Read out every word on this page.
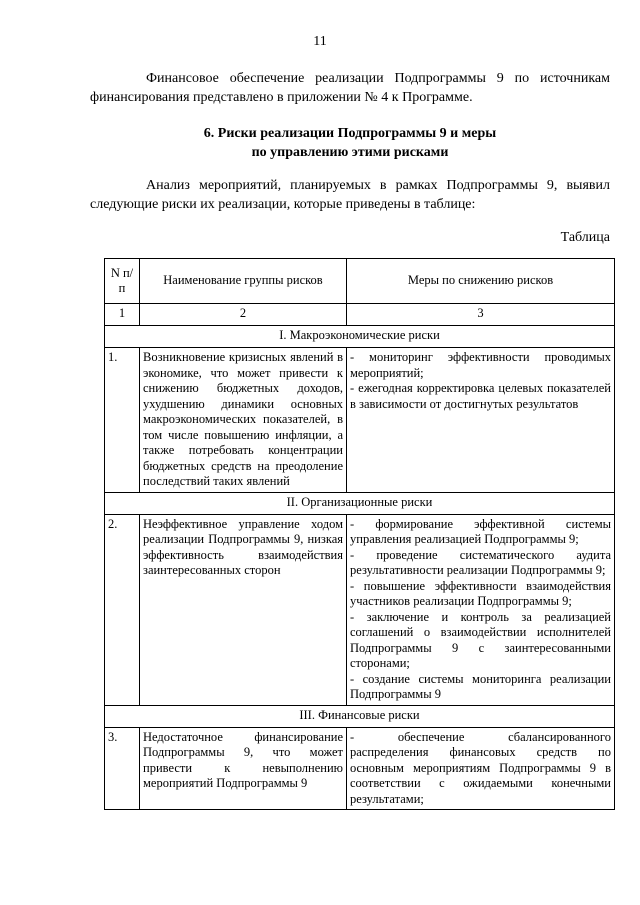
11
Финансовое обеспечение реализации Подпрограммы 9 по источникам финансирования представлено в приложении № 4 к Программе.
6. Риски реализации Подпрограммы 9 и меры
по управлению этими рисками
Анализ мероприятий, планируемых в рамках Подпрограммы 9, выявил следующие риски их реализации, которые приведены в таблице:
Таблица
N п/п	Наименование группы рисков	Меры по снижению рисков
1	2	3
I. Макроэкономические риски		
1.	Возникновение кризисных явлений в экономике, что может привести к снижению бюджетных доходов, ухудшению динамики основных макроэкономических показателей, в том числе повышению инфляции, а также потребовать концентрации бюджетных средств на преодоление последствий таких явлений	- мониторинг эффективности проводимых мероприятий;
- ежегодная корректировка целевых показателей в зависимости от достигнутых результатов

II. Организационные риски		
2.	Неэффективное управление ходом реализации Подпрограммы 9, низкая эффективность взаимодействия заинтересованных сторон	- формирование эффективной системы управления реализацией Подпрограммы 9;
- проведение систематического аудита результативности реализации Подпрограммы 9;
- повышение эффективности взаимодействия участников реализации Подпрограммы 9;
- заключение и контроль за реализацией соглашений о взаимодействии исполнителей Подпрограммы 9 с заинтересованными сторонами;
- создание системы мониторинга реализации Подпрограммы 9

III. Финансовые риски		
3.	Недостаточное финансирование Подпрограммы 9, что может привести к невыполнению мероприятий Подпрограммы 9	- обеспечение сбалансированного распределения финансовых средств по основным мероприятиям Подпрограммы 9 в соответствии с ожидаемыми конечными результатами;
